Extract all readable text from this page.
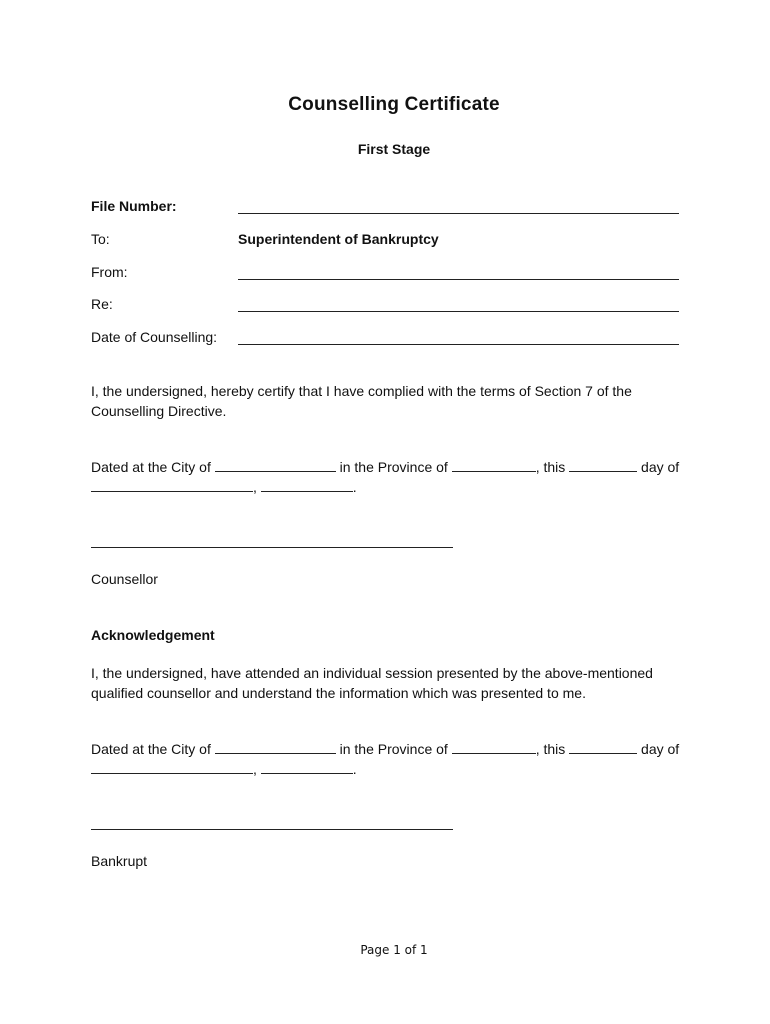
Counselling Certificate
First Stage
File Number:
To:	Superintendent of Bankruptcy
From:
Re:
Date of Counselling:
I, the undersigned, hereby certify that I have complied with the terms of Section 7 of the
Counselling Directive.
Dated at the City of	in the Province of	, this	day of
,	.
Counsellor
Acknowledgement
I, the undersigned, have attended an individual session presented by the above-mentioned
qualified counsellor and understand the information which was presented to me.
Dated at the City of	in the Province of	, this	day of
,	.
Bankrupt
Page 1 of 1
